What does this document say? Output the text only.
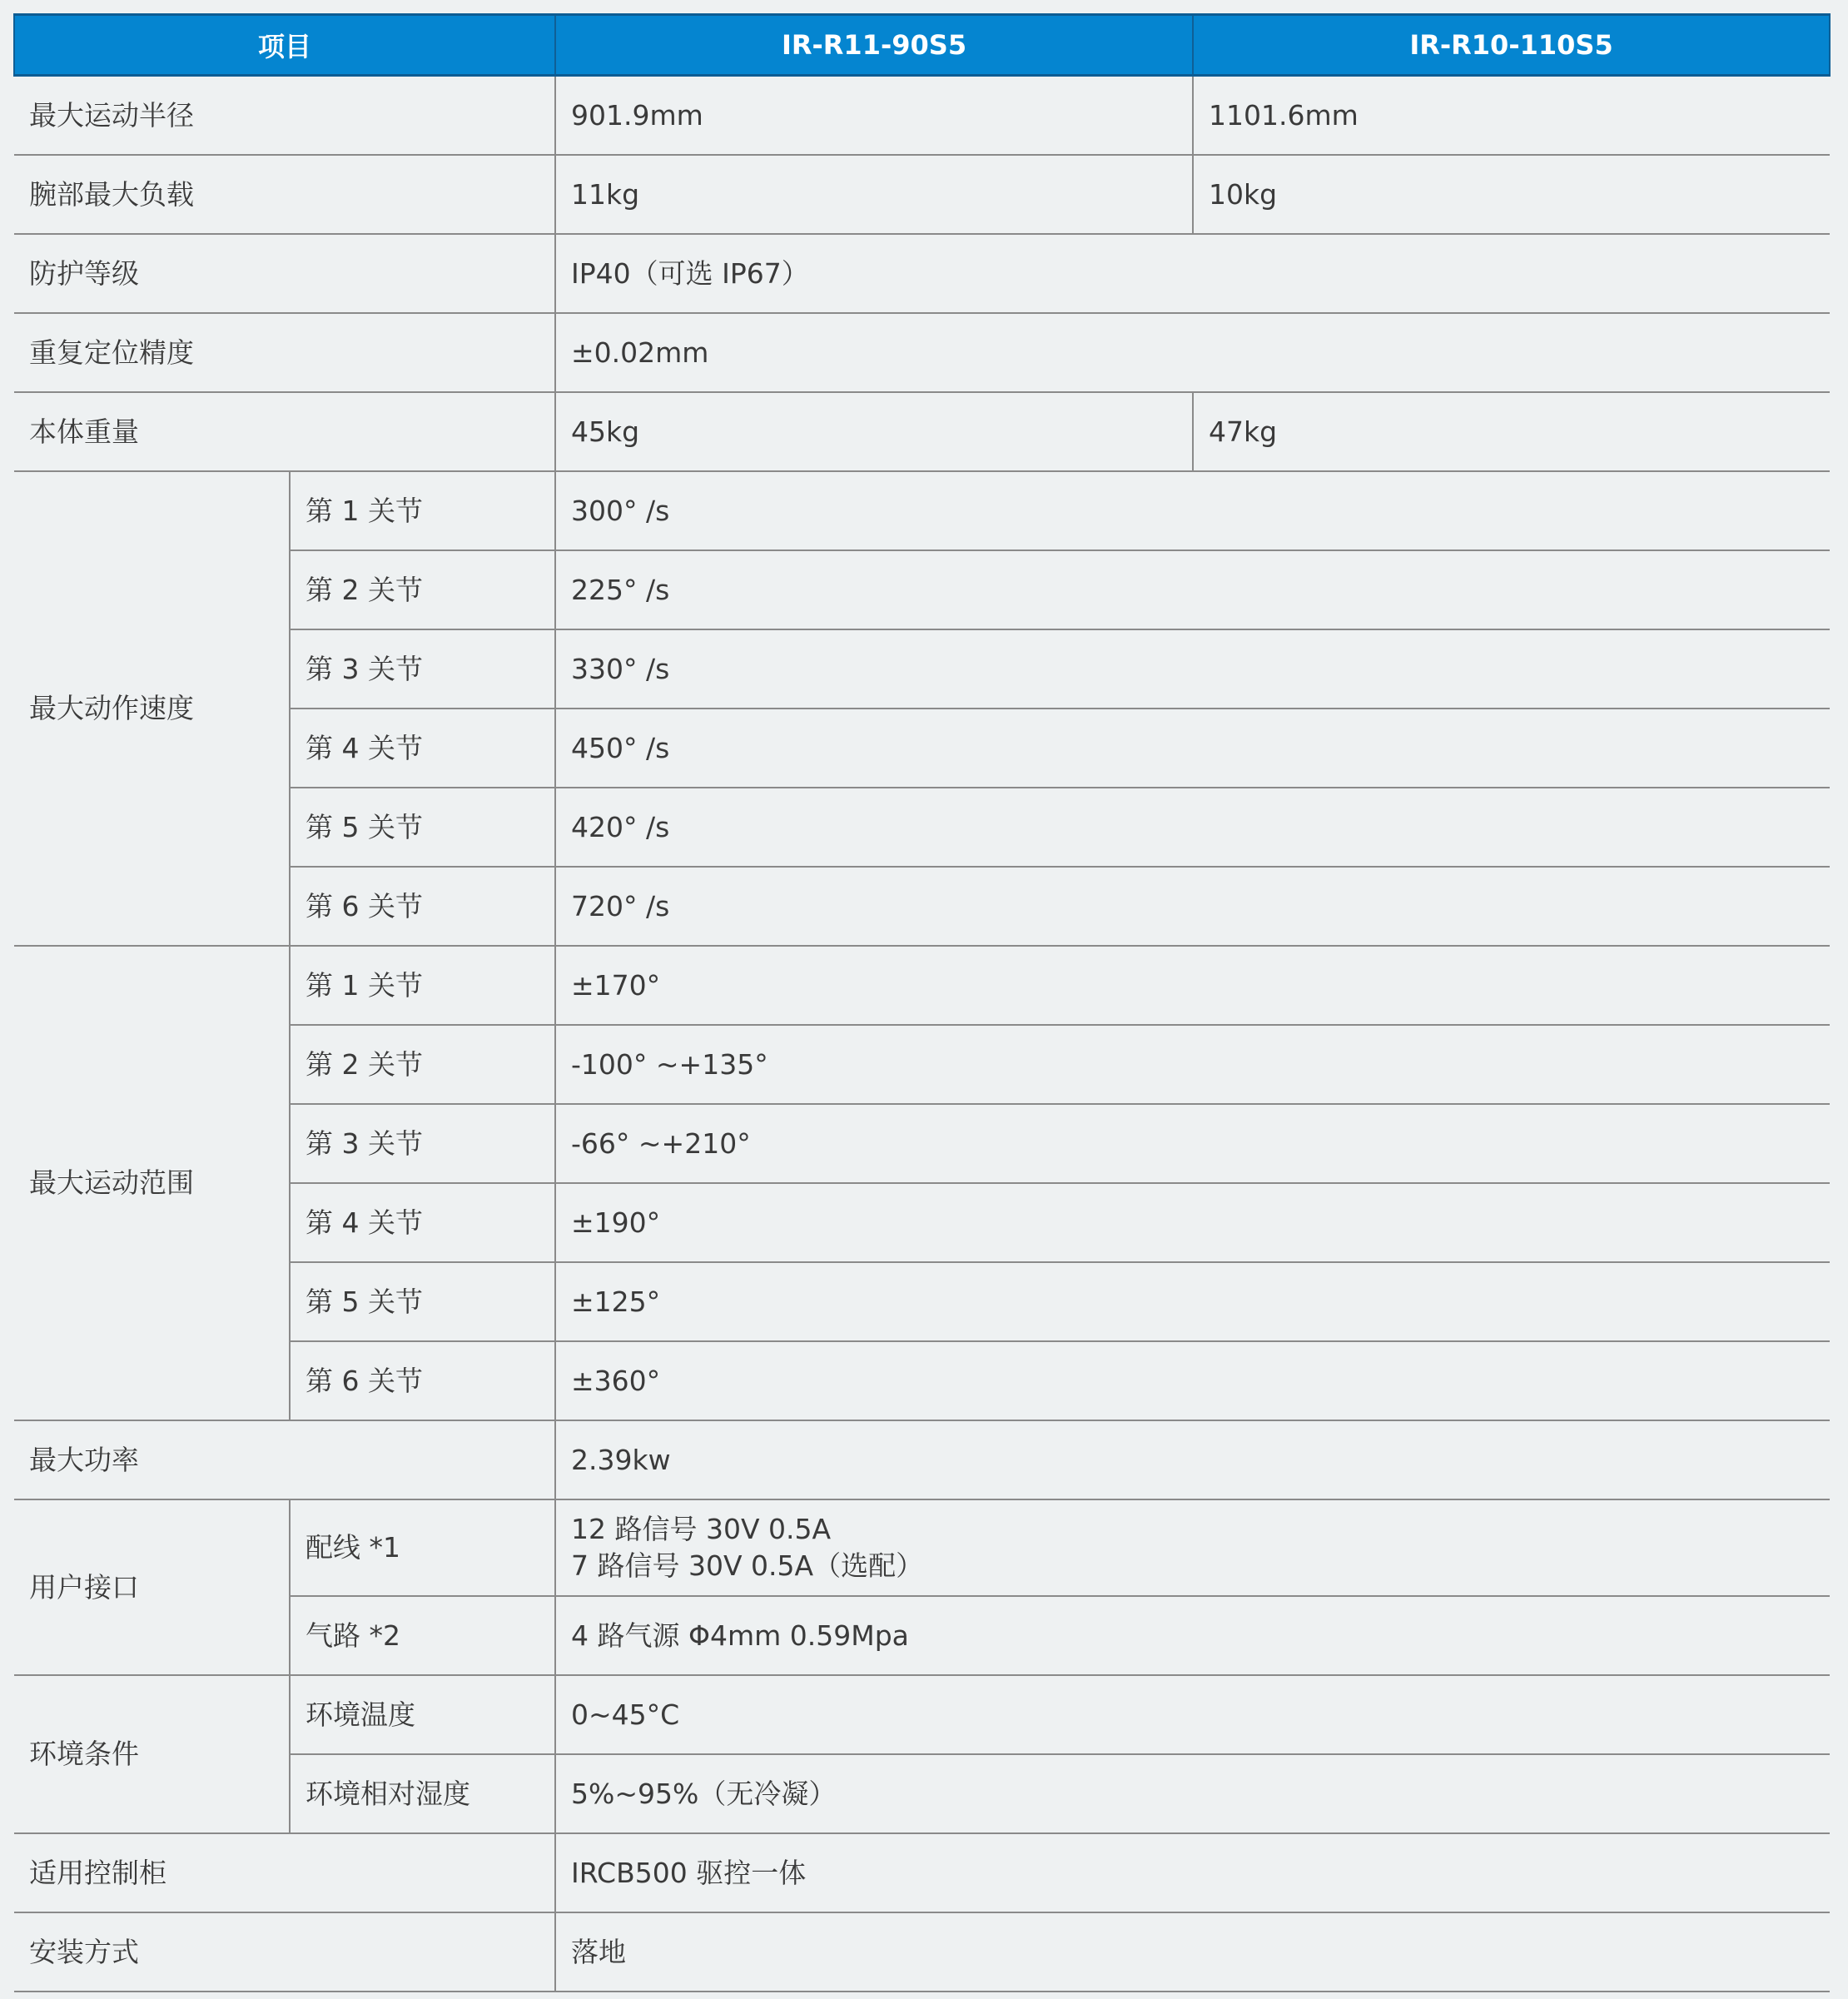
项目		IR-R11-90S5	IR-R10-110S5
最大运动半径		901.9mm	1101.6mm
腕部最大负载		11kg	10kg
防护等级		IP40（可选 IP67）	
重复定位精度		±0.02mm	
本体重量		45kg	47kg
最大动作速度	第 1 关节	300° /s	
	第 2 关节	225° /s	
	第 3 关节	330° /s	
	第 4 关节	450° /s	
	第 5 关节	420° /s	
	第 6 关节	720° /s	
最大运动范围	第 1 关节	±170°	
	第 2 关节	-100° ~+135°	
	第 3 关节	-66° ~+210°	
	第 4 关节	±190°	
	第 5 关节	±125°	
	第 6 关节	±360°	
最大功率		2.39kw	
用户接口	配线 *1	12 路信号 30V 0.5A
7 路信号 30V 0.5A（选配）	

	气路 *2	4 路气源 Φ4mm 0.59Mpa	
环境条件	环境温度	0~45°C	
	环境相对湿度	5%~95%（无冷凝）	
适用控制柜		IRCB500 驱控一体	
安装方式		落地	
